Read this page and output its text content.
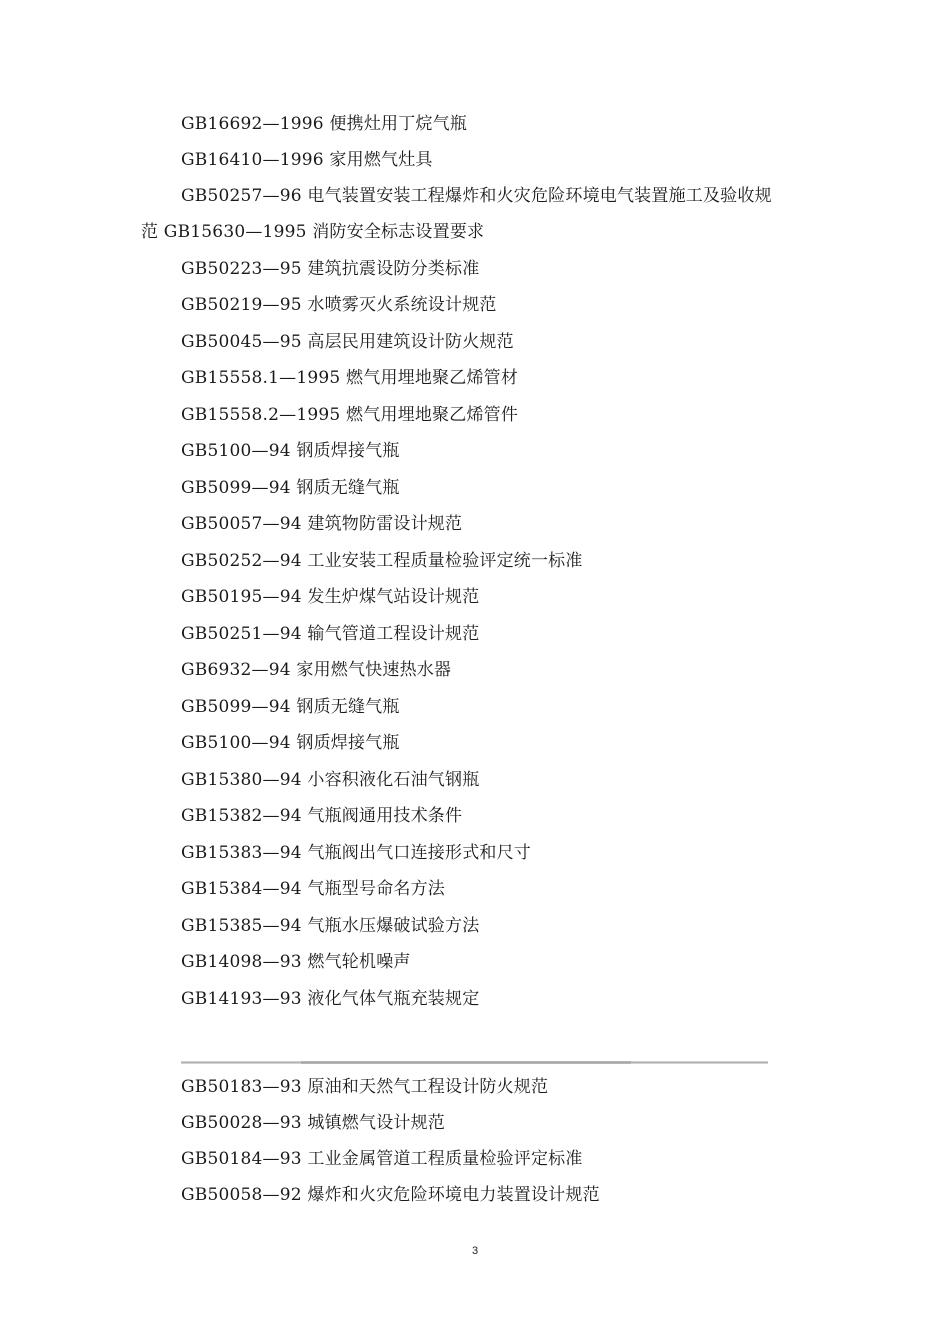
GB16692—1996 便携灶用丁烷气瓶
GB16410—1996 家用燃气灶具
GB50257—96 电气装置安装工程爆炸和火灾危险环境电气装置施工及验收规
范 GB15630—1995 消防安全标志设置要求
GB50223—95 建筑抗震设防分类标准
GB50219—95 水喷雾灭火系统设计规范
GB50045—95 高层民用建筑设计防火规范
GB15558.1—1995 燃气用埋地聚乙烯管材
GB15558.2—1995 燃气用埋地聚乙烯管件
GB5100—94 钢质焊接气瓶
GB5099—94 钢质无缝气瓶
GB50057—94 建筑物防雷设计规范
GB50252—94 工业安装工程质量检验评定统一标准
GB50195—94 发生炉煤气站设计规范
GB50251—94 输气管道工程设计规范
GB6932—94 家用燃气快速热水器
GB5099—94 钢质无缝气瓶
GB5100—94 钢质焊接气瓶
GB15380—94 小容积液化石油气钢瓶
GB15382—94 气瓶阀通用技术条件
GB15383—94 气瓶阀出气口连接形式和尺寸
GB15384—94 气瓶型号命名方法
GB15385—94 气瓶水压爆破试验方法
GB14098—93 燃气轮机噪声
GB14193—93 液化气体气瓶充装规定
GB50183—93 原油和天然气工程设计防火规范
GB50028—93 城镇燃气设计规范
GB50184—93 工业金属管道工程质量检验评定标准
GB50058—92 爆炸和火灾危险环境电力装置设计规范
3
